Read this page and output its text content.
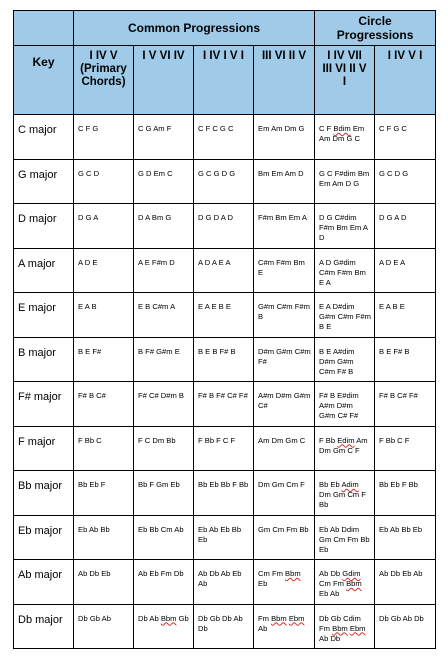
	Common Progressions				Circle Progressions	
Key	I IV V (Primary Chords)	I V VI IV	I IV I V I	III VI II V	I IV VII III VI II V I	I IV V I
C major	C F G	C G Am F	C F C G C	Em Am Dm G	C F Bdim Em Am Dm G C	C F G C
G major	G C D	G D Em C	G C G D G	Bm Em Am D	G C F#dim Bm Em Am D G	G C D G
D major	D G A	D A Bm G	D G D A D	F#m Bm Em A	D G C#dim F#m Bm Em A D	D G A D
A major	A D E	A E F#m D	A D A E A	C#m F#m Bm E	A D G#dim C#m F#m Bm E A	A D E A
E major	E A B	E B C#m A	E A E B E	G#m C#m F#m B	E A D#dim G#m C#m F#m B E	E A B E
B major	B E F#	B F# G#m E	B E B F# B	D#m G#m C#m F#	B E A#dim D#m G#m C#m F# B	B E F# B
F# major	F# B C#	F# C# D#m B	F# B F# C# F#	A#m D#m G#m C#	F# B E#dim A#m D#m G#m C# F#	F# B C# F#
F major	F Bb C	F C Dm Bb	F Bb F C F	Am Dm Gm C	F Bb Edim Am Dm Gm C F	F Bb C F
Bb major	Bb Eb F	Bb F Gm Eb	Bb Eb Bb F Bb	Dm Gm Cm F	Bb Eb Adim Dm Gm Cm F Bb	Bb Eb F Bb
Eb major	Eb Ab Bb	Eb Bb Cm Ab	Eb Ab Eb Bb Eb	Gm Cm Fm Bb	Eb Ab Ddim Gm Cm Fm Bb Eb	Eb Ab Bb Eb
Ab major	Ab Db Eb	Ab Eb Fm Db	Ab Db Ab Eb Ab	Cm Fm Bbm Eb	Ab Db Gdim Cm Fm Bbm Eb Ab	Ab Db Eb Ab
Db major	Db Gb Ab	Db Ab Bbm Gb	Db Gb Db Ab Db	Fm Bbm Ebm Ab	Db Gb Cdim Fm Bbm Ebm Ab Db	Db Gb Ab Db
